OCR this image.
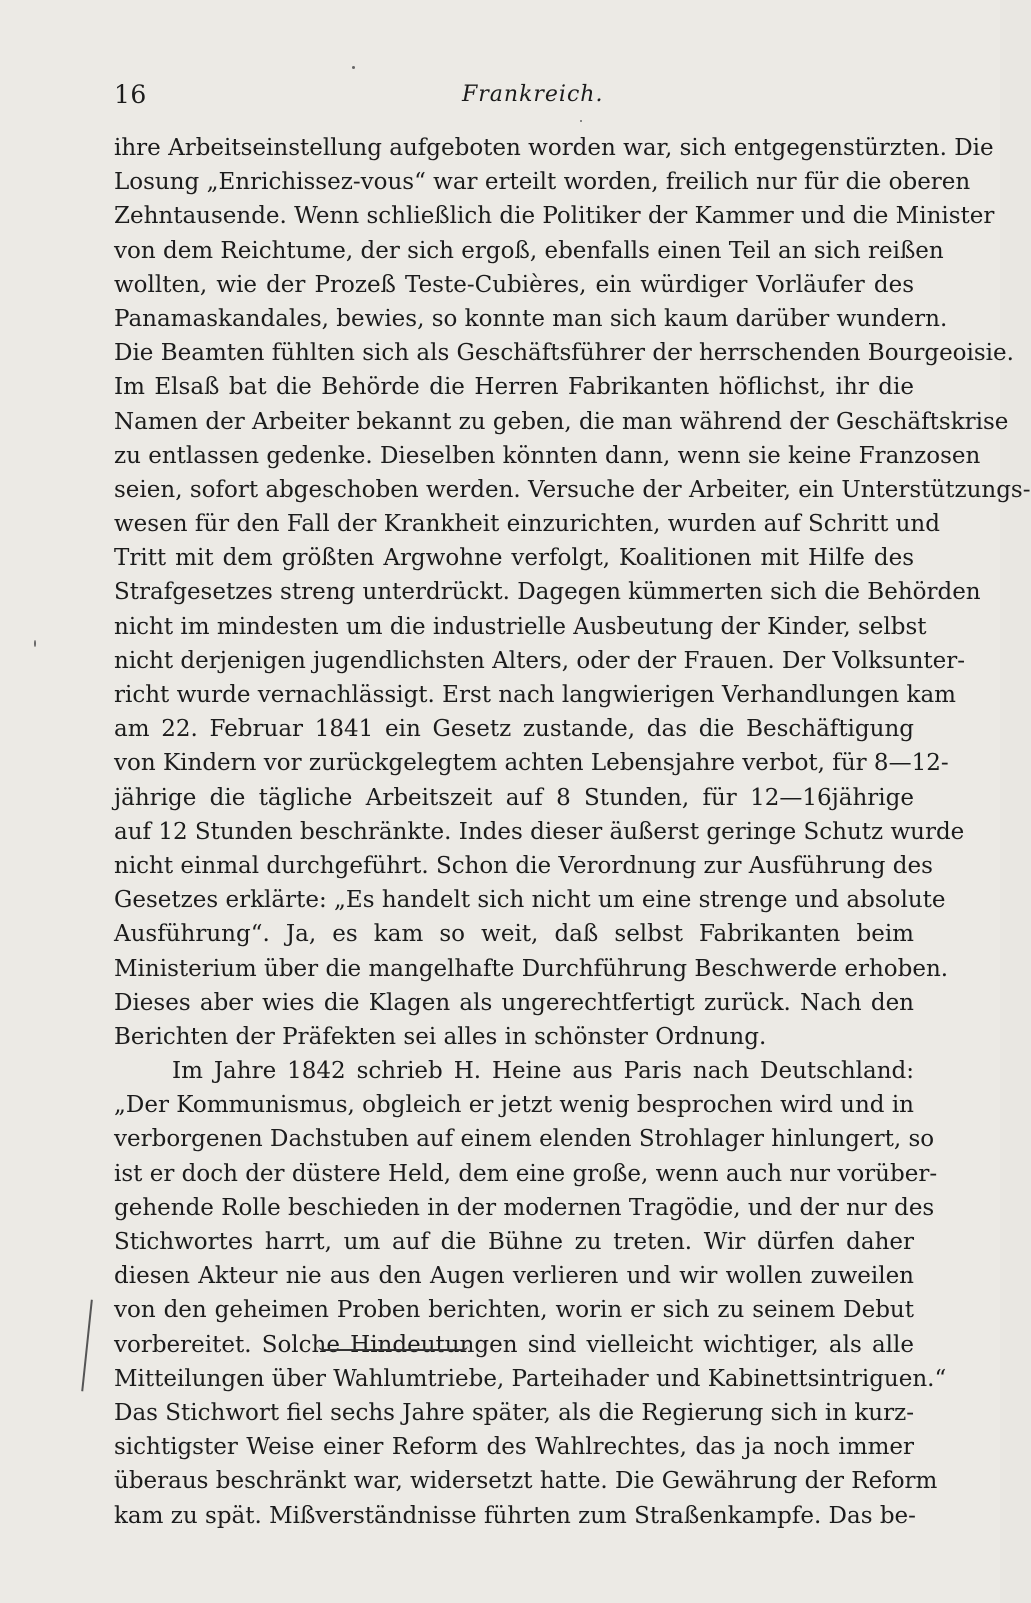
16	Frankreich.
ihre Arbeitseinstellung aufgeboten worden war, sich entgegenstürzten. Die
Losung „Enrichissez-vous“ war erteilt worden, freilich nur für die oberen
Zehntausende. Wenn schließlich die Politiker der Kammer und die Minister
von dem Reichtume, der sich ergoß, ebenfalls einen Teil an sich reißen
wollten, wie der Prozeß Teste-Cubières, ein würdiger Vorläufer des
Panamaskandales, bewies, so konnte man sich kaum darüber wundern.
Die Beamten fühlten sich als Geschäftsführer der herrschenden Bourgeoisie.
Im Elsaß bat die Behörde die Herren Fabrikanten höflichst, ihr die
Namen der Arbeiter bekannt zu geben, die man während der Geschäftskrise
zu entlassen gedenke. Dieselben könnten dann, wenn sie keine Franzosen
seien, sofort abgeschoben werden. Versuche der Arbeiter, ein Unterstützungs-
wesen für den Fall der Krankheit einzurichten, wurden auf Schritt und
Tritt mit dem größten Argwohne verfolgt, Koalitionen mit Hilfe des
Strafgesetzes streng unterdrückt. Dagegen kümmerten sich die Behörden
nicht im mindesten um die industrielle Ausbeutung der Kinder, selbst
nicht derjenigen jugendlichsten Alters, oder der Frauen. Der Volksunter-
richt wurde vernachlässigt. Erst nach langwierigen Verhandlungen kam
am 22. Februar 1841 ein Gesetz zustande, das die Beschäftigung
von Kindern vor zurückgelegtem achten Lebensjahre verbot, für 8—12-
jährige die tägliche Arbeitszeit auf 8 Stunden, für 12—16jährige
auf 12 Stunden beschränkte. Indes dieser äußerst geringe Schutz wurde
nicht einmal durchgeführt. Schon die Verordnung zur Ausführung des
Gesetzes erklärte: „Es handelt sich nicht um eine strenge und absolute
Ausführung“. Ja, es kam so weit, daß selbst Fabrikanten beim
Ministerium über die mangelhafte Durchführung Beschwerde erhoben.
Dieses aber wies die Klagen als ungerechtfertigt zurück. Nach den
Berichten der Präfekten sei alles in schönster Ordnung.
Im Jahre 1842 schrieb H. Heine aus Paris nach Deutschland:
„Der Kommunismus, obgleich er jetzt wenig besprochen wird und in
verborgenen Dachstuben auf einem elenden Strohlager hinlungert, so
ist er doch der düstere Held, dem eine große, wenn auch nur vorüber-
gehende Rolle beschieden in der modernen Tragödie, und der nur des
Stichwortes harrt, um auf die Bühne zu treten. Wir dürfen daher
diesen Akteur nie aus den Augen verlieren und wir wollen zuweilen
von den geheimen Proben berichten, worin er sich zu seinem Debut
vorbereitet. Solche Hindeutungen sind vielleicht wichtiger, als alle
Mitteilungen über Wahlumtriebe, Parteihader und Kabinettsintriguen.“
Das Stichwort fiel sechs Jahre später, als die Regierung sich in kurz-
sichtigster Weise einer Reform des Wahlrechtes, das ja noch immer
überaus beschränkt war, widersetzt hatte. Die Gewährung der Reform
kam zu spät. Mißverständnisse führten zum Straßenkampfe. Das be-
